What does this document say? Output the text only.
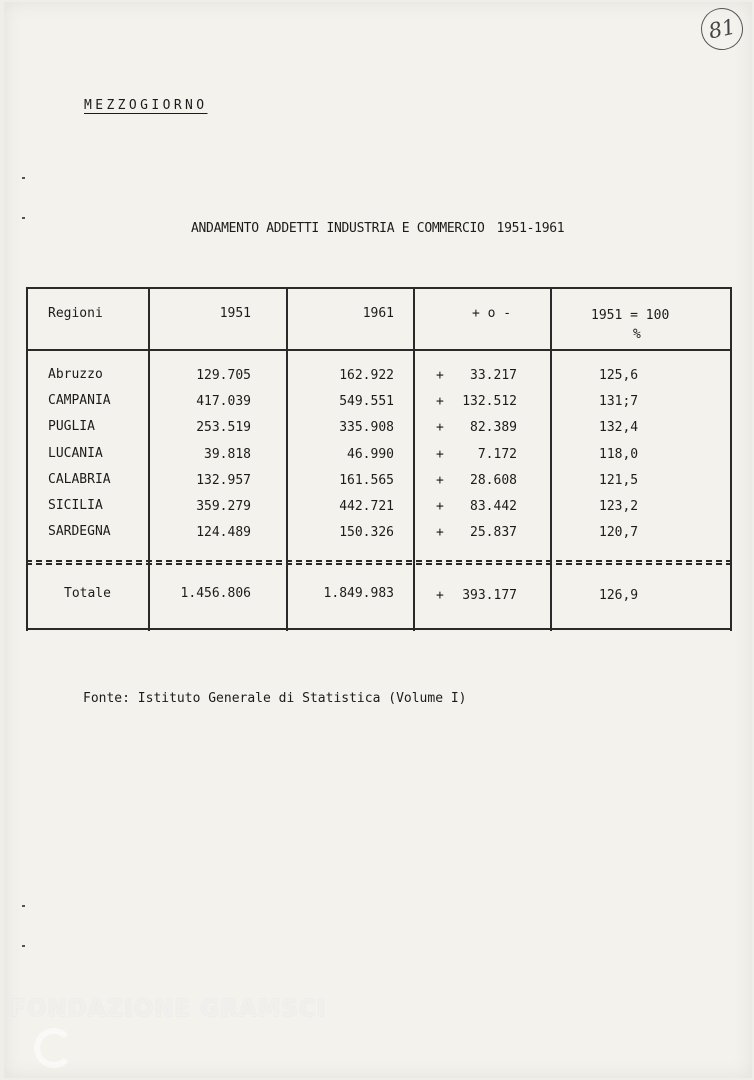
81
MEZZOGIORNO
ANDAMENTO ADDETTI INDUSTRIA E COMMERCIO 1951-1961
Regioni	1951	1961	+ o -	1951 = 100
%
Abruzzo	129.705	162.922	+	33.217	125,6
CAMPANIA	417.039	549.551	+	132.512	131;7
PUGLIA	253.519	335.908	+	82.389	132,4
LUCANIA	39.818	46.990	+	7.172	118,0
CALABRIA	132.957	161.565	+	28.608	121,5
SICILIA	359.279	442.721	+	83.442	123,2
SARDEGNA	124.489	150.326	+	25.837	120,7
Totale	1.456.806	1.849.983	+	393.177	126,9
Fonte: Istituto Generale di Statistica (Volume I)
FONDAZIONE GRAMSCI
